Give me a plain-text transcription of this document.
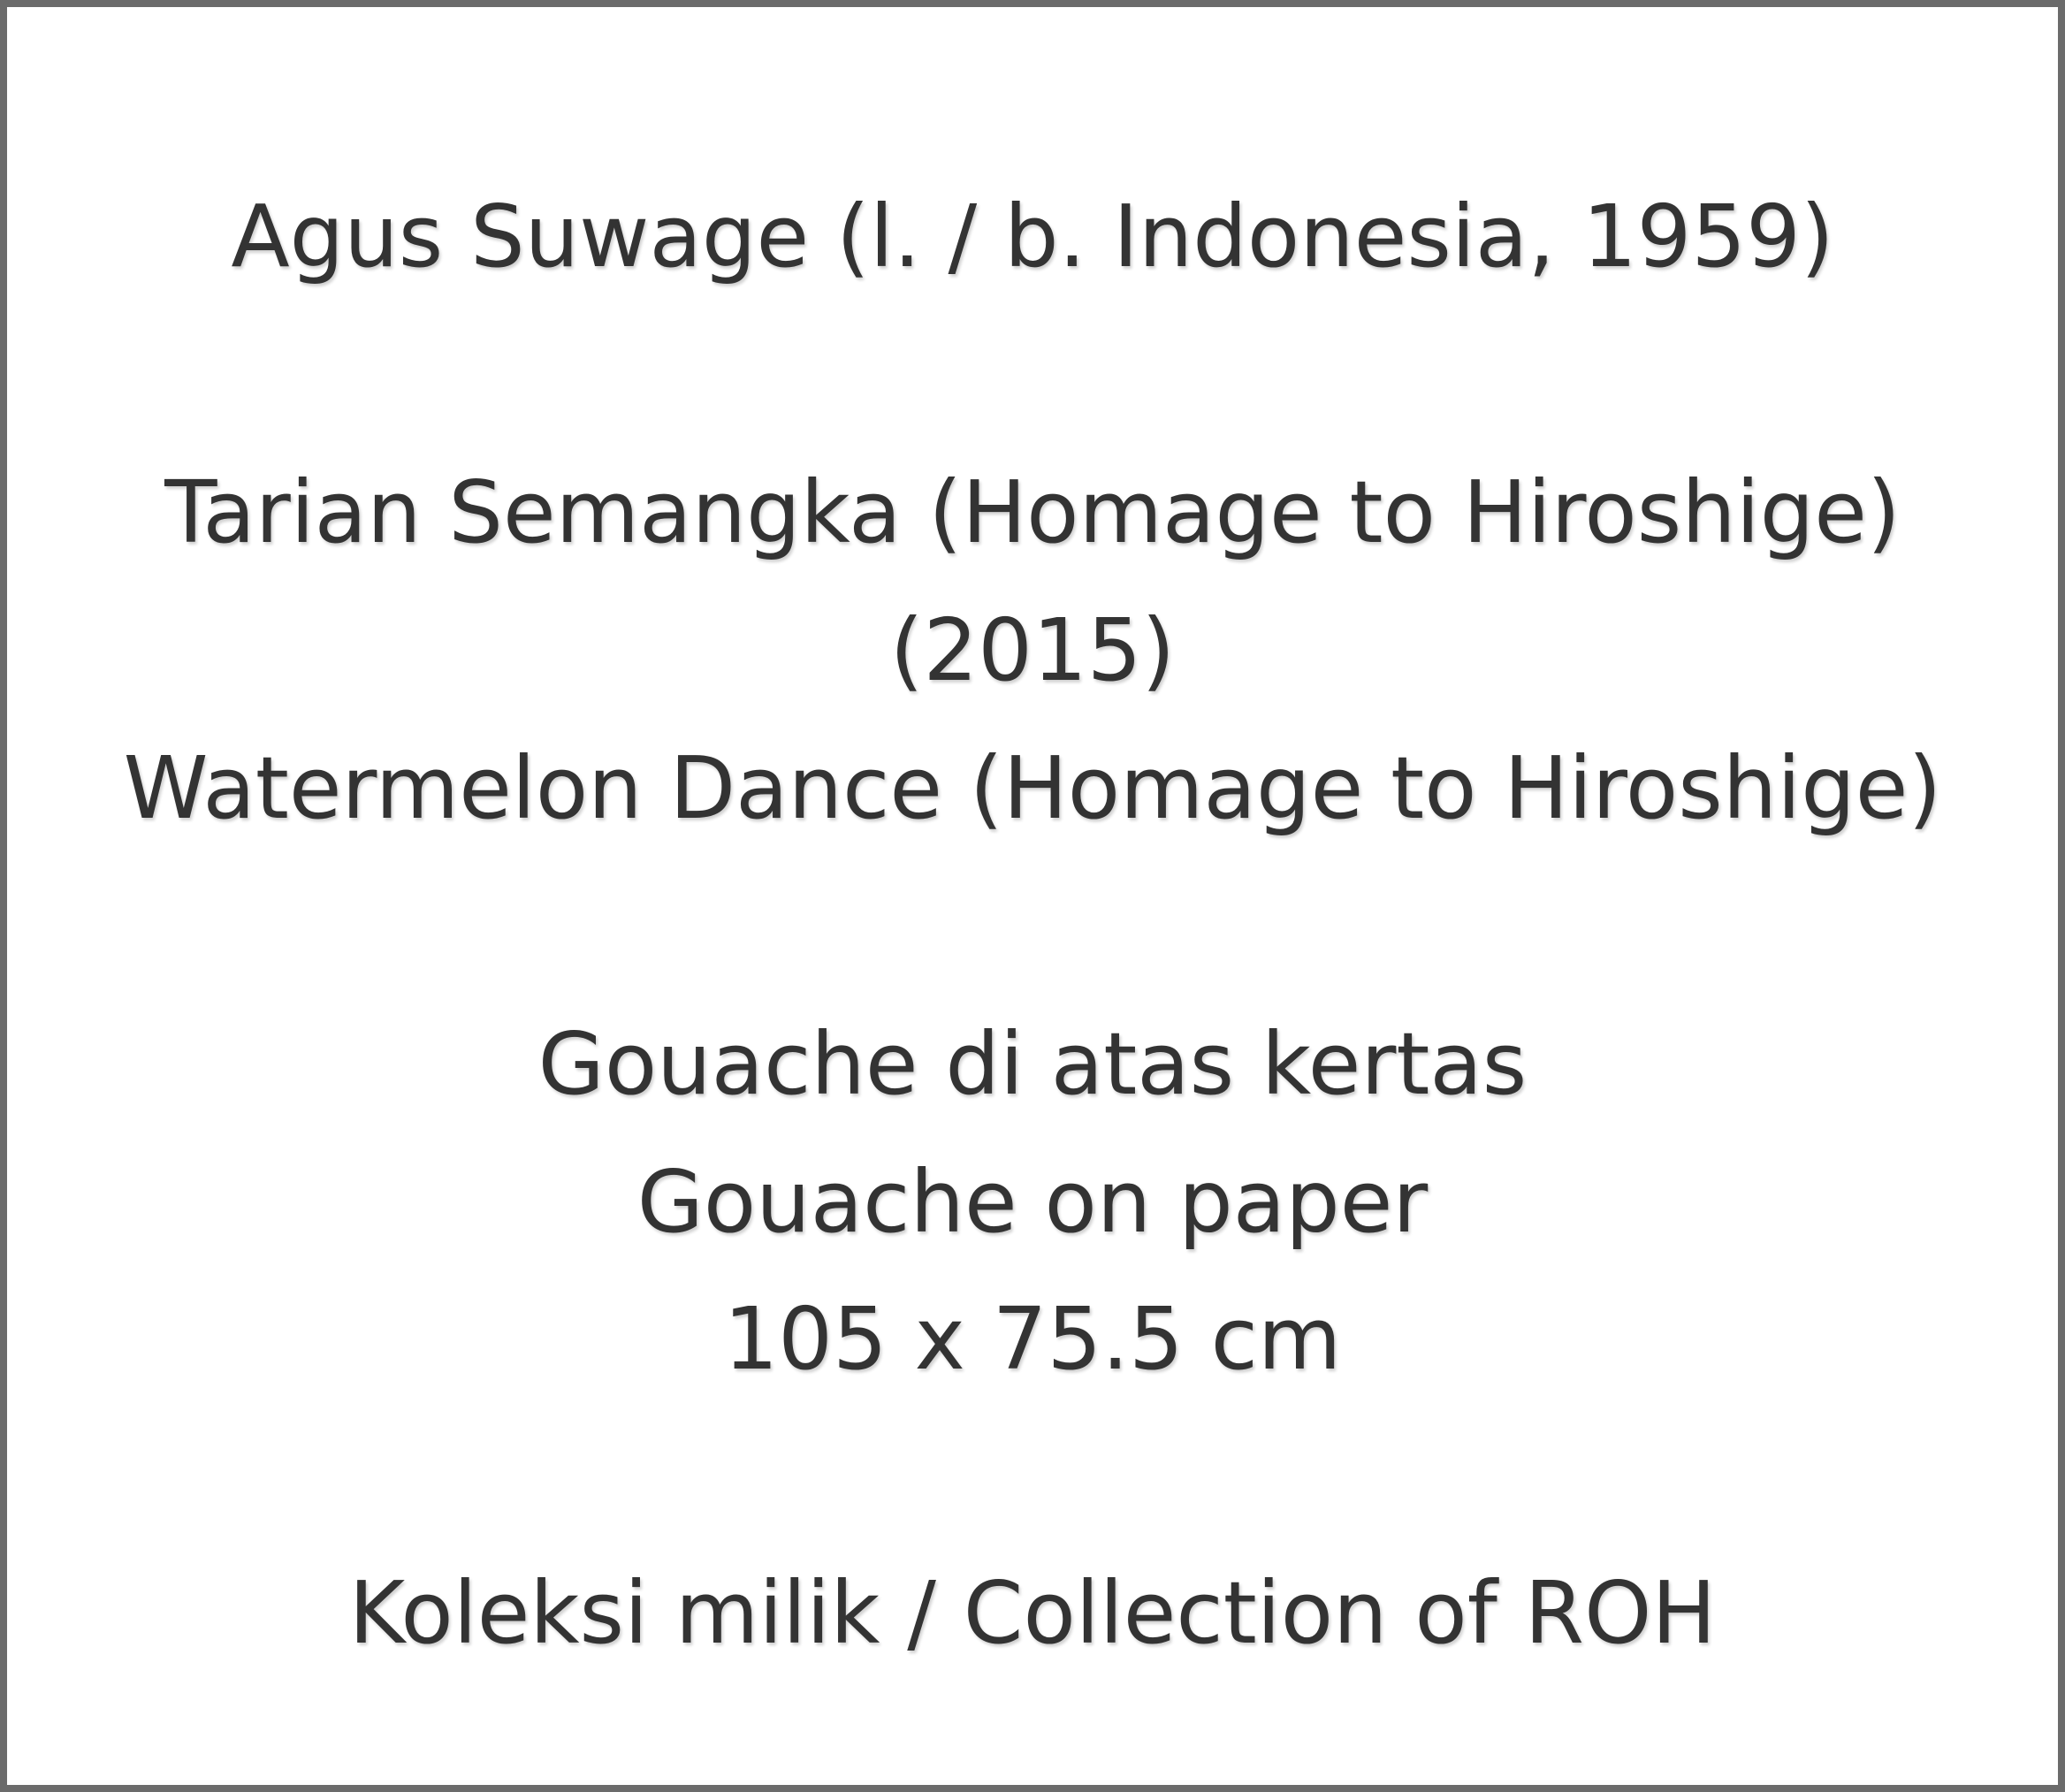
Agus Suwage (l. / b. Indonesia, 1959)
Tarian Semangka (Homage to Hiroshige)
(2015)
Watermelon Dance (Homage to Hiroshige)
Gouache di atas kertas
Gouache on paper
105 x 75.5 cm
Koleksi milik / Collection of ROH
